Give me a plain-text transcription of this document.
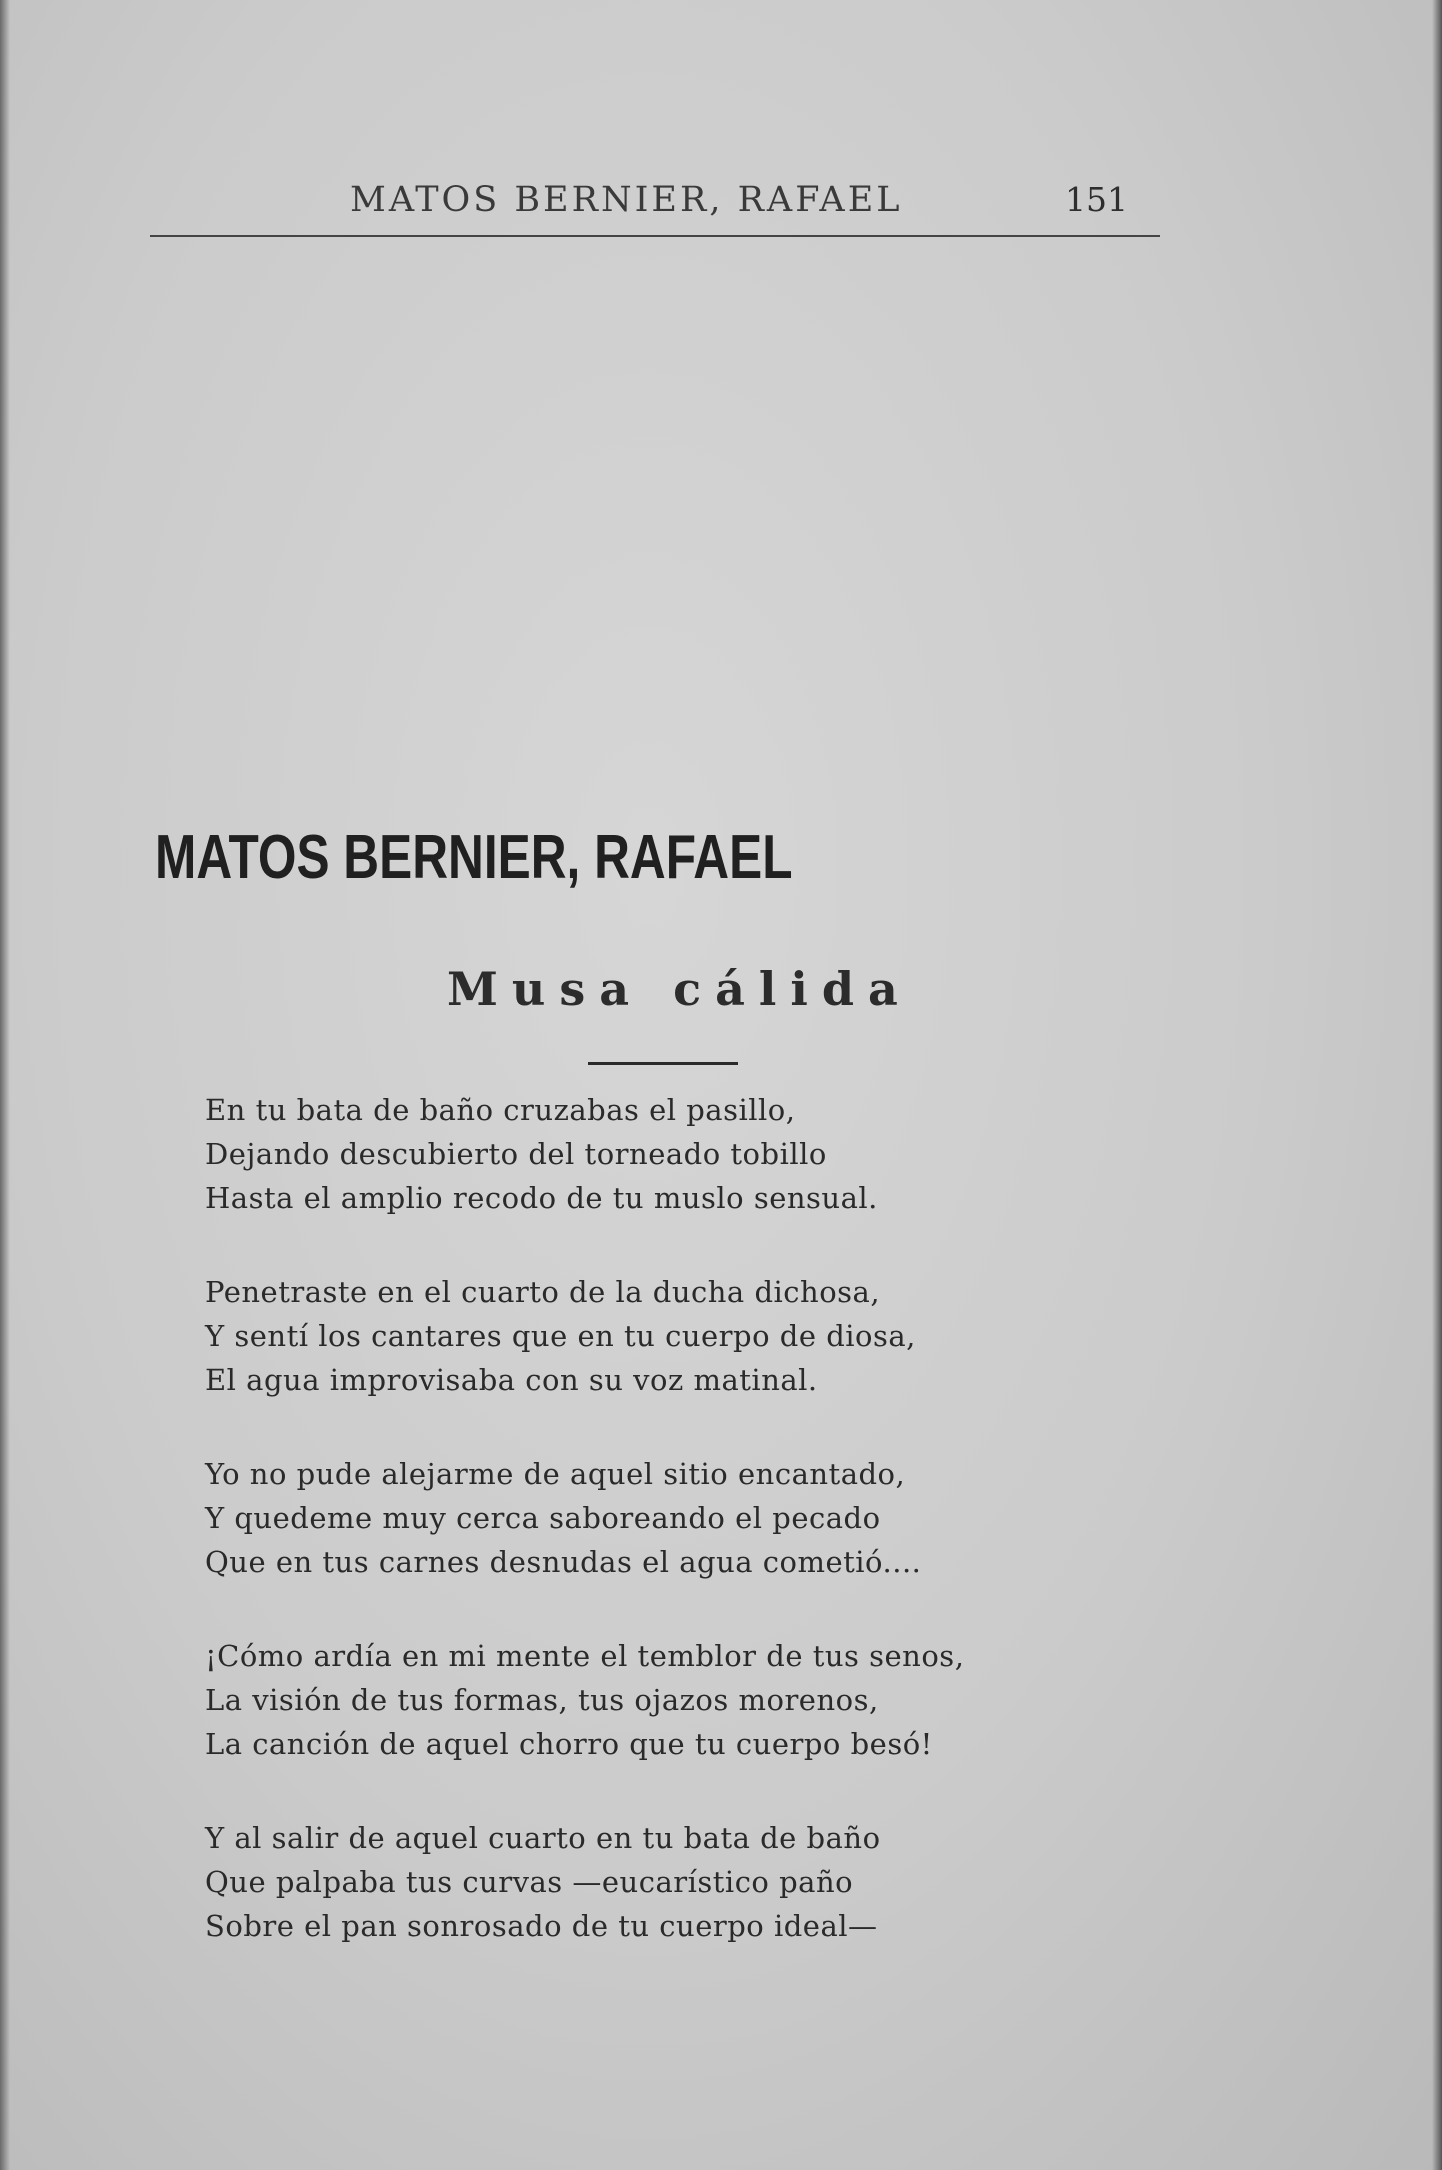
MATOS BERNIER, RAFAEL	151
MATOS BERNIER, RAFAEL
Musa cálida
En tu bata de baño cruzabas el pasillo,
Dejando descubierto del torneado tobillo
Hasta el amplio recodo de tu muslo sensual.
Penetraste en el cuarto de la ducha dichosa,
Y sentí los cantares que en tu cuerpo de diosa,
El agua improvisaba con su voz matinal.
Yo no pude alejarme de aquel sitio encantado,
Y quedeme muy cerca saboreando el pecado
Que en tus carnes desnudas el agua cometió....
¡Cómo ardía en mi mente el temblor de tus senos,
La visión de tus formas, tus ojazos morenos,
La canción de aquel chorro que tu cuerpo besó!
Y al salir de aquel cuarto en tu bata de baño
Que palpaba tus curvas —eucarístico paño
Sobre el pan sonrosado de tu cuerpo ideal—
